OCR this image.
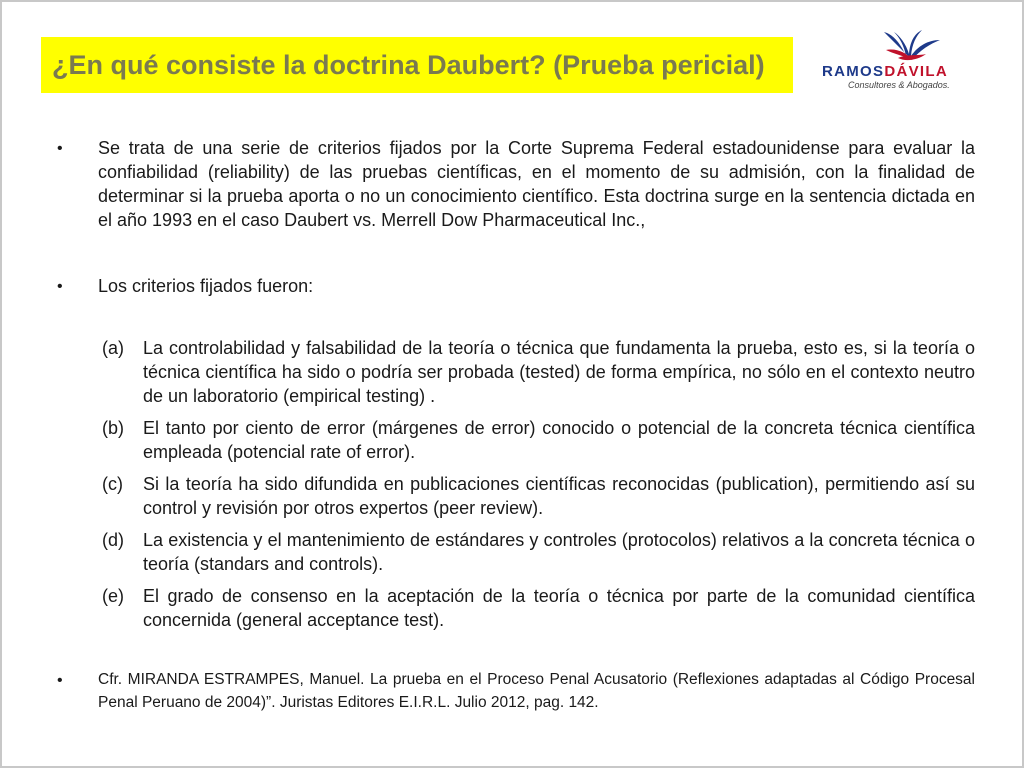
¿En qué consiste la doctrina Daubert? (Prueba pericial)	RAMOSDÁVILA
Consultores & Abogados.
•	Se trata de una serie de criterios fijados por la Corte Suprema Federal estadounidense para evaluar la confiabilidad (reliability) de las pruebas científicas, en el momento de su admisión, con la finalidad de determinar si la prueba aporta o no un conocimiento científico. Esta doctrina surge en la sentencia dictada en el año 1993 en el caso Daubert vs. Merrell Dow Pharmaceutical Inc.,
•	Los criterios fijados fueron:
(a)	La controlabilidad y falsabilidad de la teoría o técnica que fundamenta la prueba, esto es, si la teoría o técnica científica ha sido o podría ser probada (tested) de forma empírica, no sólo en el contexto neutro de un laboratorio (empirical testing) .
(b)	El tanto por ciento de error (márgenes de error) conocido o potencial de la concreta técnica científica empleada (potencial rate of error).
(c)	Si la teoría ha sido difundida en publicaciones científicas reconocidas (publication), permitiendo así su control y revisión por otros expertos (peer review).
(d)	La existencia y el mantenimiento de estándares y controles (protocolos) relativos a la concreta técnica o teoría (standars and controls).
(e)	El grado de consenso en la aceptación de la teoría o técnica por parte de la comunidad científica concernida (general acceptance test).
•	Cfr. MIRANDA ESTRAMPES, Manuel. La prueba en el Proceso Penal Acusatorio (Reflexiones adaptadas al Código Procesal Penal Peruano de 2004)”. Juristas Editores E.I.R.L. Julio 2012, pag. 142.
